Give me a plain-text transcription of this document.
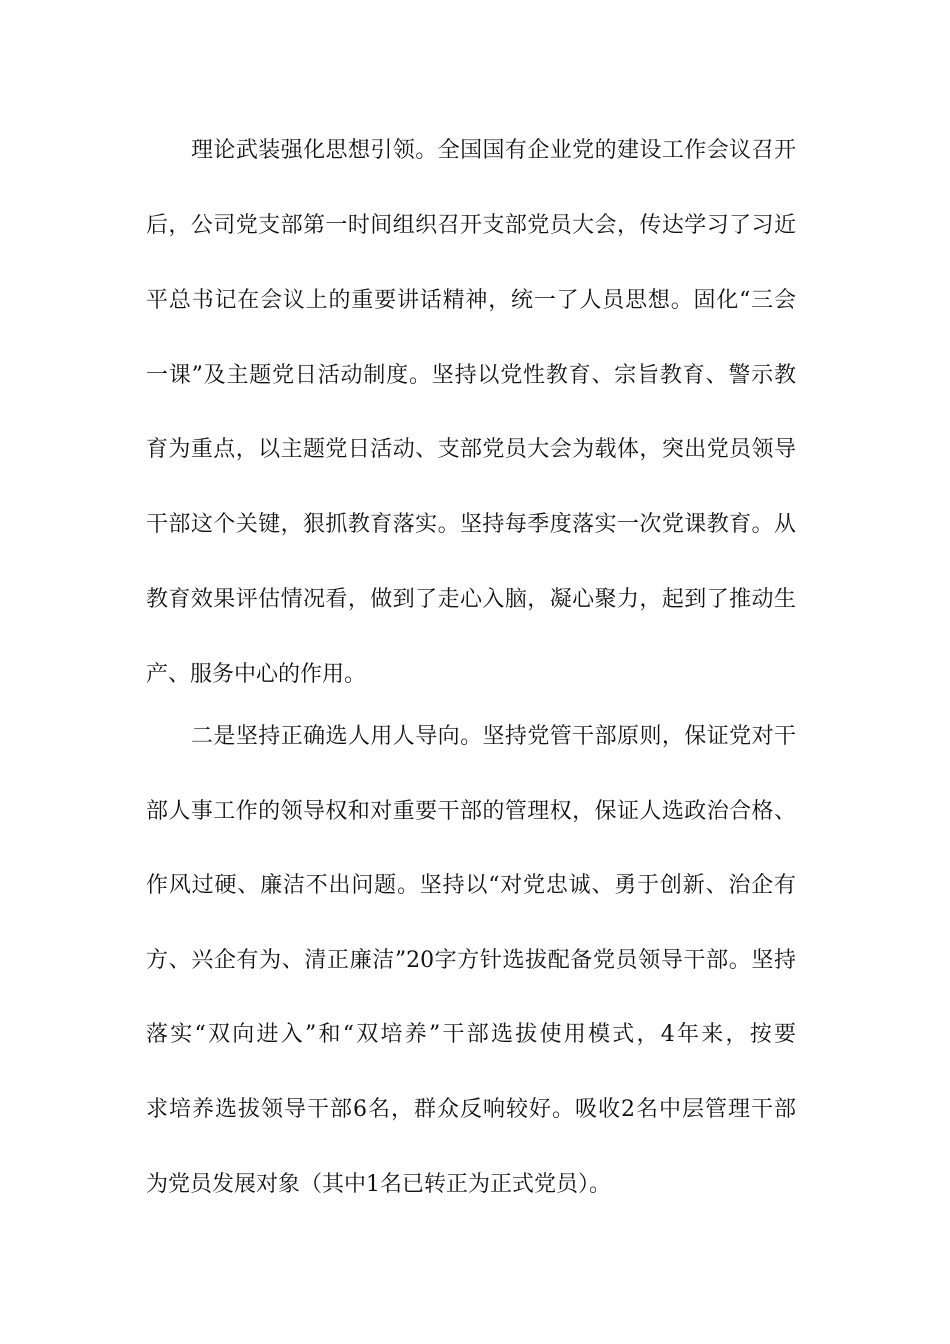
理论武装强化思想引领。全国国有企业党的建设工作会议召开
后，公司党支部第一时间组织召开支部党员大会，传达学习了习近
平总书记在会议上的重要讲话精神，统一了人员思想。固化“三会
一课”及主题党日活动制度。坚持以党性教育、宗旨教育、警示教
育为重点，以主题党日活动、支部党员大会为载体，突出党员领导
干部这个关键，狠抓教育落实。坚持每季度落实一次党课教育。从
教育效果评估情况看，做到了走心入脑，凝心聚力，起到了推动生
产、服务中心的作用。
二是坚持正确选人用人导向。坚持党管干部原则，保证党对干
部人事工作的领导权和对重要干部的管理权，保证人选政治合格、
作风过硬、廉洁不出问题。坚持以“对党忠诚、勇于创新、治企有
方、兴企有为、清正廉洁”20字方针选拔配备党员领导干部。坚持
落实“双向进入”和“双培养”干部选拔使用模式，4年来，按要
求培养选拔领导干部6名，群众反响较好。吸收2名中层管理干部
为党员发展对象（其中1名已转正为正式党员）。
